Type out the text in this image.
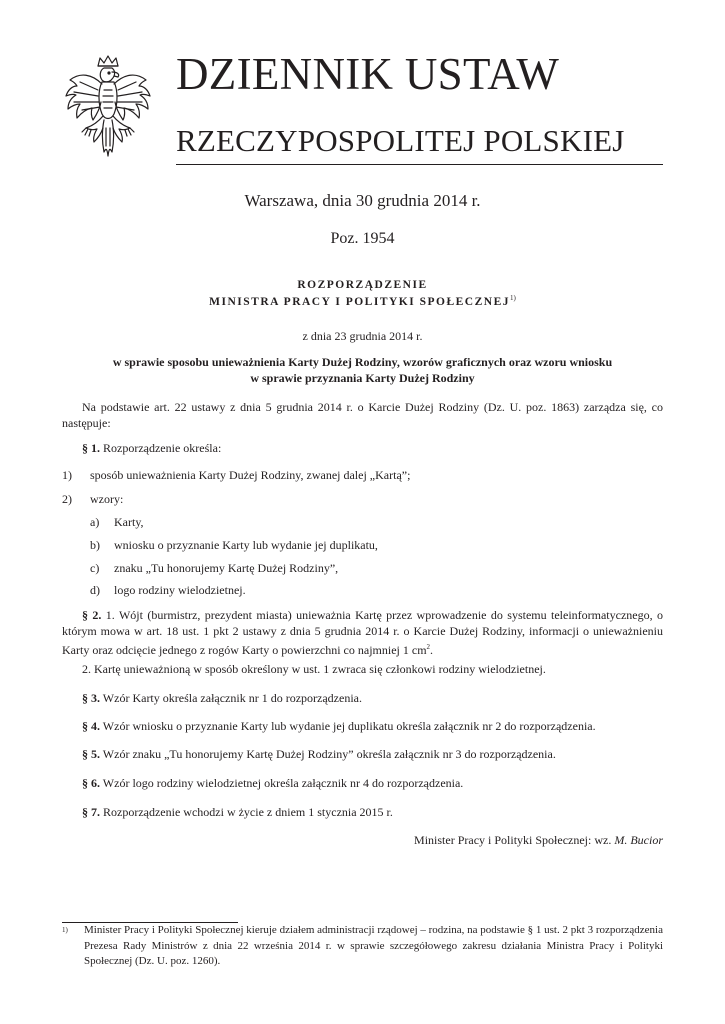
DZIENNIK USTAW
RZECZYPOSPOLITEJ POLSKIEJ
Warszawa, dnia 30 grudnia 2014 r.
Poz. 1954
ROZPORZĄDZENIE
MINISTRA PRACY I POLITYKI SPOŁECZNEJ$^{1)}$
z dnia 23 grudnia 2014 r.
w sprawie sposobu unieważnienia Karty Dużej Rodziny, wzorów graficznych oraz wzoru wniosku
w sprawie przyznania Karty Dużej Rodziny
Na podstawie art. 22 ustawy z dnia 5 grudnia 2014 r. o Karcie Dużej Rodziny (Dz. U. poz. 1863) zarządza się, co następuje:
§ 1. Rozporządzenie określa:
1)	sposób unieważnienia Karty Dużej Rodziny, zwanej dalej „Kartą”;
2)	wzory:
a)	Karty,
b)	wniosku o przyznanie Karty lub wydanie jej duplikatu,
c)	znaku „Tu honorujemy Kartę Dużej Rodziny”,
d)	logo rodziny wielodzietnej.
§ 2. 1. Wójt (burmistrz, prezydent miasta) unieważnia Kartę przez wprowadzenie do systemu teleinformatycznego, o którym mowa w art. 18 ust. 1 pkt 2 ustawy z dnia 5 grudnia 2014 r. o Karcie Dużej Rodziny, informacji o unieważnieniu Karty oraz odcięcie jednego z rogów Karty o powierzchni co najmniej 1 $cm^2$.
2. Kartę unieważnioną w sposób określony w ust. 1 zwraca się członkowi rodziny wielodzietnej.
§ 3. Wzór Karty określa załącznik nr 1 do rozporządzenia.
§ 4. Wzór wniosku o przyznanie Karty lub wydanie jej duplikatu określa załącznik nr 2 do rozporządzenia.
§ 5. Wzór znaku „Tu honorujemy Kartę Dużej Rodziny” określa załącznik nr 3 do rozporządzenia.
§ 6. Wzór logo rodziny wielodzietnej określa załącznik nr 4 do rozporządzenia.
§ 7. Rozporządzenie wchodzi w życie z dniem 1 stycznia 2015 r.
Minister Pracy i Polityki Społecznej: wz. M. Bucior
1) Minister Pracy i Polityki Społecznej kieruje działem administracji rządowej – rodzina, na podstawie § 1 ust. 2 pkt 3 rozporządzenia Prezesa Rady Ministrów z dnia 22 września 2014 r. w sprawie szczegółowego zakresu działania Ministra Pracy i Polityki Społecznej (Dz. U. poz. 1260).
